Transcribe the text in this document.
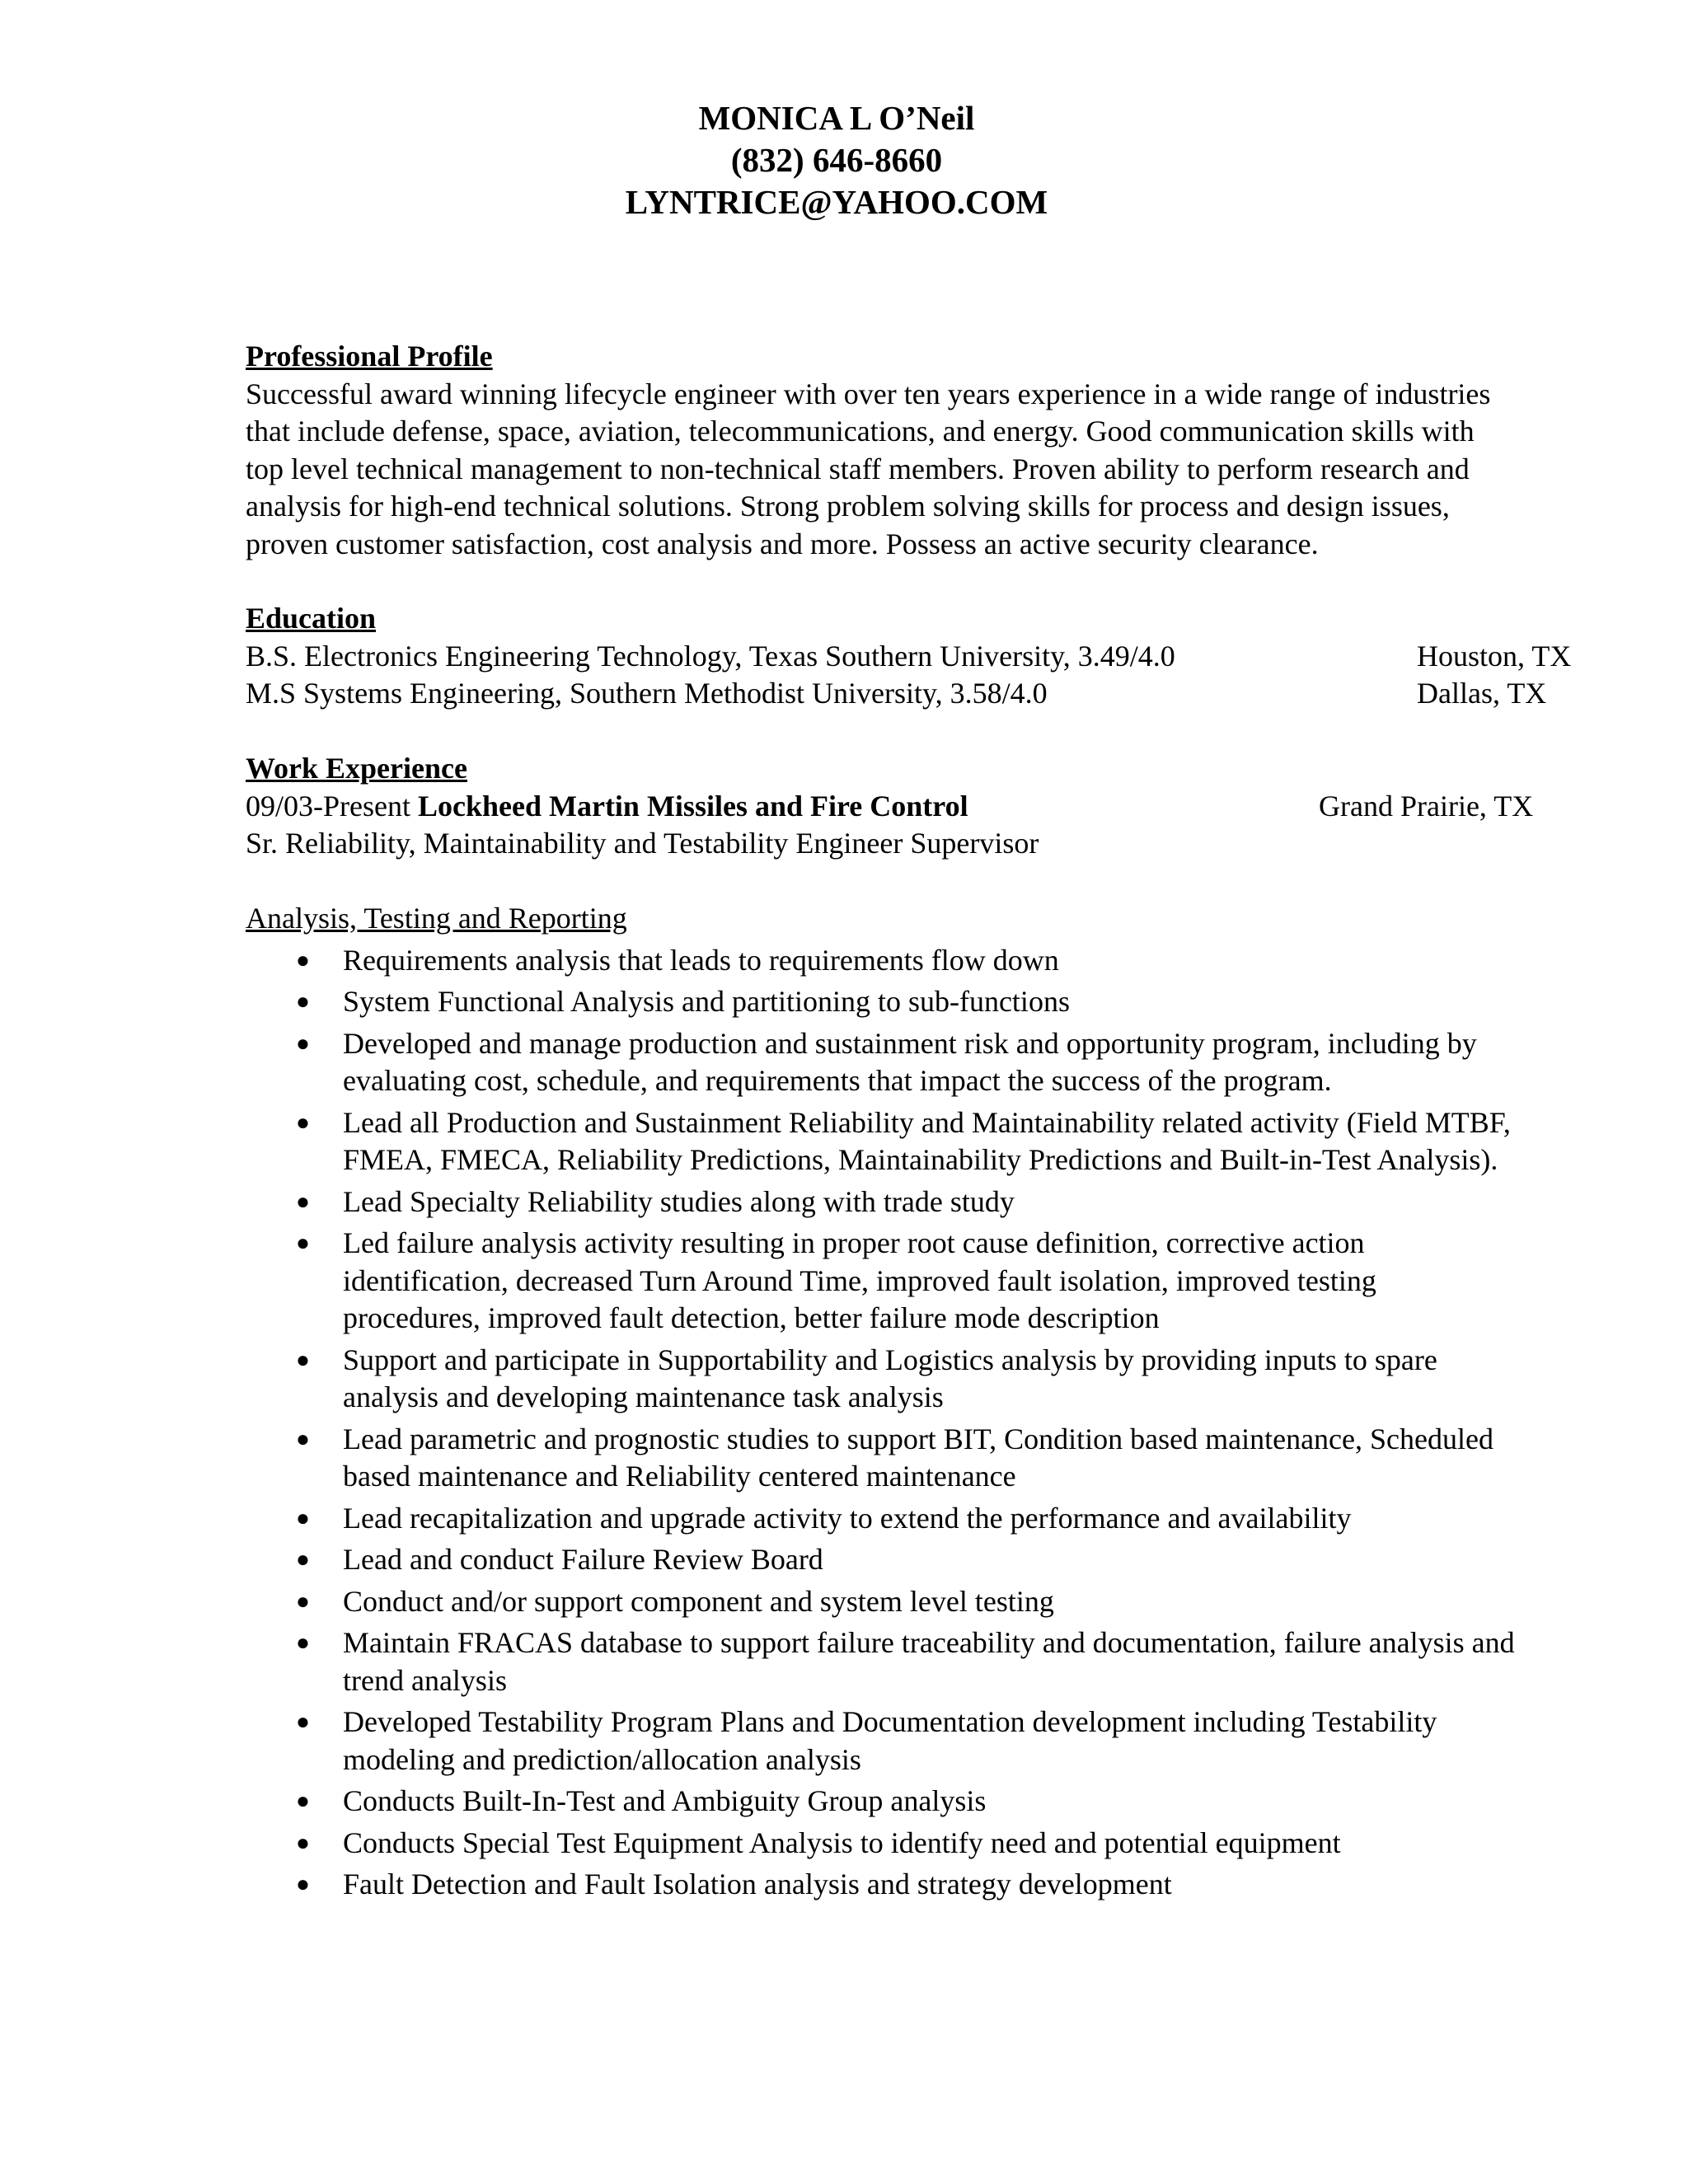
MONICA L O’Neil
(832) 646-8660
LYNTRICE@YAHOO.COM
Professional Profile
Successful award winning lifecycle engineer with over ten years experience in a wide range of industries
that include defense, space, aviation, telecommunications, and energy. Good communication skills with
top level technical management to non-technical staff members. Proven ability to perform research and
analysis for high-end technical solutions. Strong problem solving skills for process and design issues,
proven customer satisfaction, cost analysis and more. Possess an active security clearance.
Education
B.S. Electronics Engineering Technology, Texas Southern University, 3.49/4.0	Houston, TX
M.S Systems Engineering, Southern Methodist University, 3.58/4.0	Dallas, TX
Work Experience
09/03-Present Lockheed Martin Missiles and Fire Control	Grand Prairie, TX
Sr. Reliability, Maintainability and Testability Engineer Supervisor
Analysis, Testing and Reporting
● Requirements analysis that leads to requirements flow down
● System Functional Analysis and partitioning to sub-functions
● Developed and manage production and sustainment risk and opportunity program, including by
evaluating cost, schedule, and requirements that impact the success of the program.
● Lead all Production and Sustainment Reliability and Maintainability related activity (Field MTBF,
FMEA, FMECA, Reliability Predictions, Maintainability Predictions and Built-in-Test Analysis).
● Lead Specialty Reliability studies along with trade study
● Led failure analysis activity resulting in proper root cause definition, corrective action
identification, decreased Turn Around Time, improved fault isolation, improved testing
procedures, improved fault detection, better failure mode description
● Support and participate in Supportability and Logistics analysis by providing inputs to spare
analysis and developing maintenance task analysis
● Lead parametric and prognostic studies to support BIT, Condition based maintenance, Scheduled
based maintenance and Reliability centered maintenance
● Lead recapitalization and upgrade activity to extend the performance and availability
● Lead and conduct Failure Review Board
● Conduct and/or support component and system level testing
● Maintain FRACAS database to support failure traceability and documentation, failure analysis and
trend analysis
● Developed Testability Program Plans and Documentation development including Testability
modeling and prediction/allocation analysis
● Conducts Built-In-Test and Ambiguity Group analysis
● Conducts Special Test Equipment Analysis to identify need and potential equipment
● Fault Detection and Fault Isolation analysis and strategy development
